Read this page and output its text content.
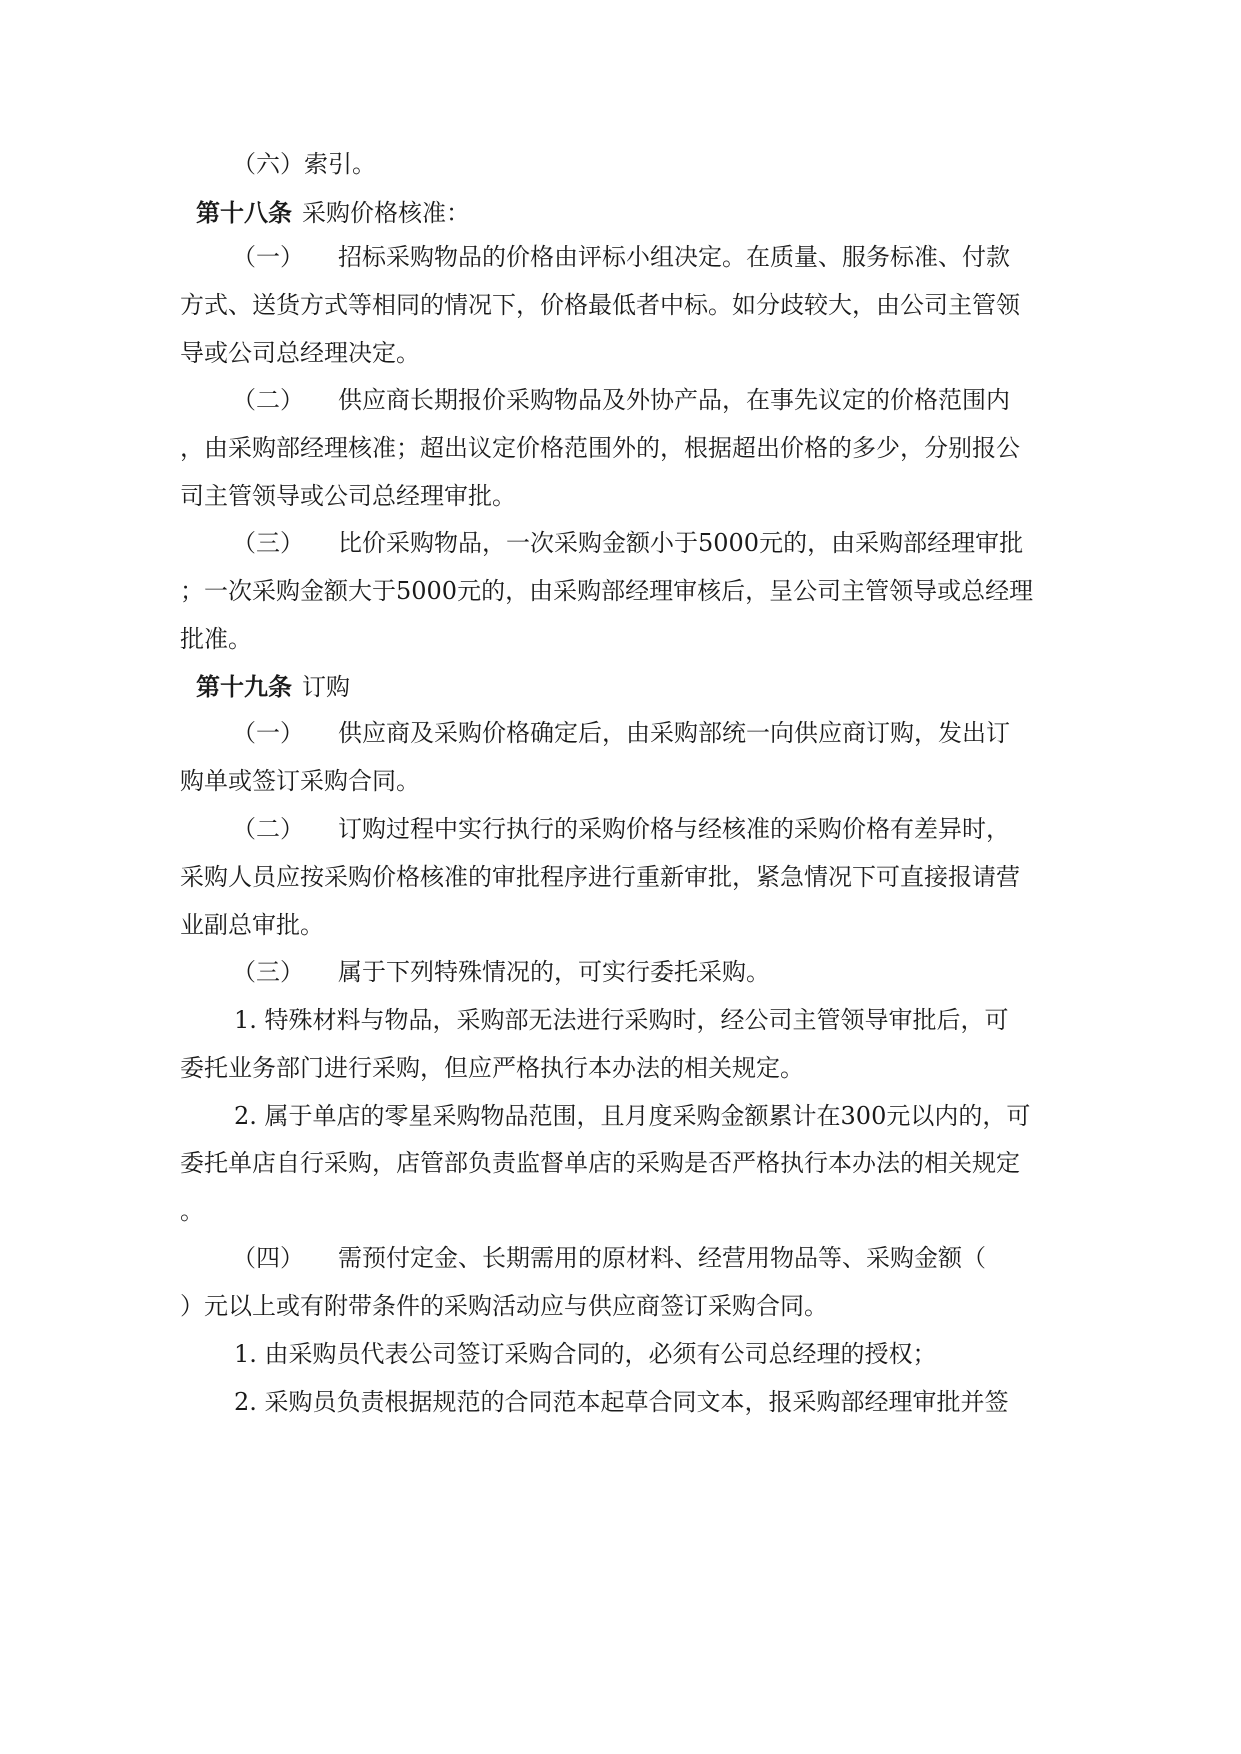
（六）索引。
第十八条 采购价格核准：
（一） 招标采购物品的价格由评标小组决定。在质量、服务标准、付款
方式、送货方式等相同的情况下，价格最低者中标。如分歧较大，由公司主管领
导或公司总经理决定。
（二） 供应商长期报价采购物品及外协产品，在事先议定的价格范围内
，由采购部经理核准；超出议定价格范围外的，根据超出价格的多少，分别报公
司主管领导或公司总经理审批。
（三） 比价采购物品，一次采购金额小于5000元的，由采购部经理审批
；一次采购金额大于5000元的，由采购部经理审核后，呈公司主管领导或总经理
批准。
第十九条 订购
（一） 供应商及采购价格确定后，由采购部统一向供应商订购，发出订
购单或签订采购合同。
（二） 订购过程中实行执行的采购价格与经核准的采购价格有差异时，
采购人员应按采购价格核准的审批程序进行重新审批，紧急情况下可直接报请营
业副总审批。
（三） 属于下列特殊情况的，可实行委托采购。
1. 特殊材料与物品，采购部无法进行采购时，经公司主管领导审批后，可
委托业务部门进行采购，但应严格执行本办法的相关规定。
2. 属于单店的零星采购物品范围，且月度采购金额累计在300元以内的，可
委托单店自行采购，店管部负责监督单店的采购是否严格执行本办法的相关规定
。
（四） 需预付定金、长期需用的原材料、经营用物品等、采购金额（
）元以上或有附带条件的采购活动应与供应商签订采购合同。
1. 由采购员代表公司签订采购合同的，必须有公司总经理的授权；
2. 采购员负责根据规范的合同范本起草合同文本，报采购部经理审批并签
